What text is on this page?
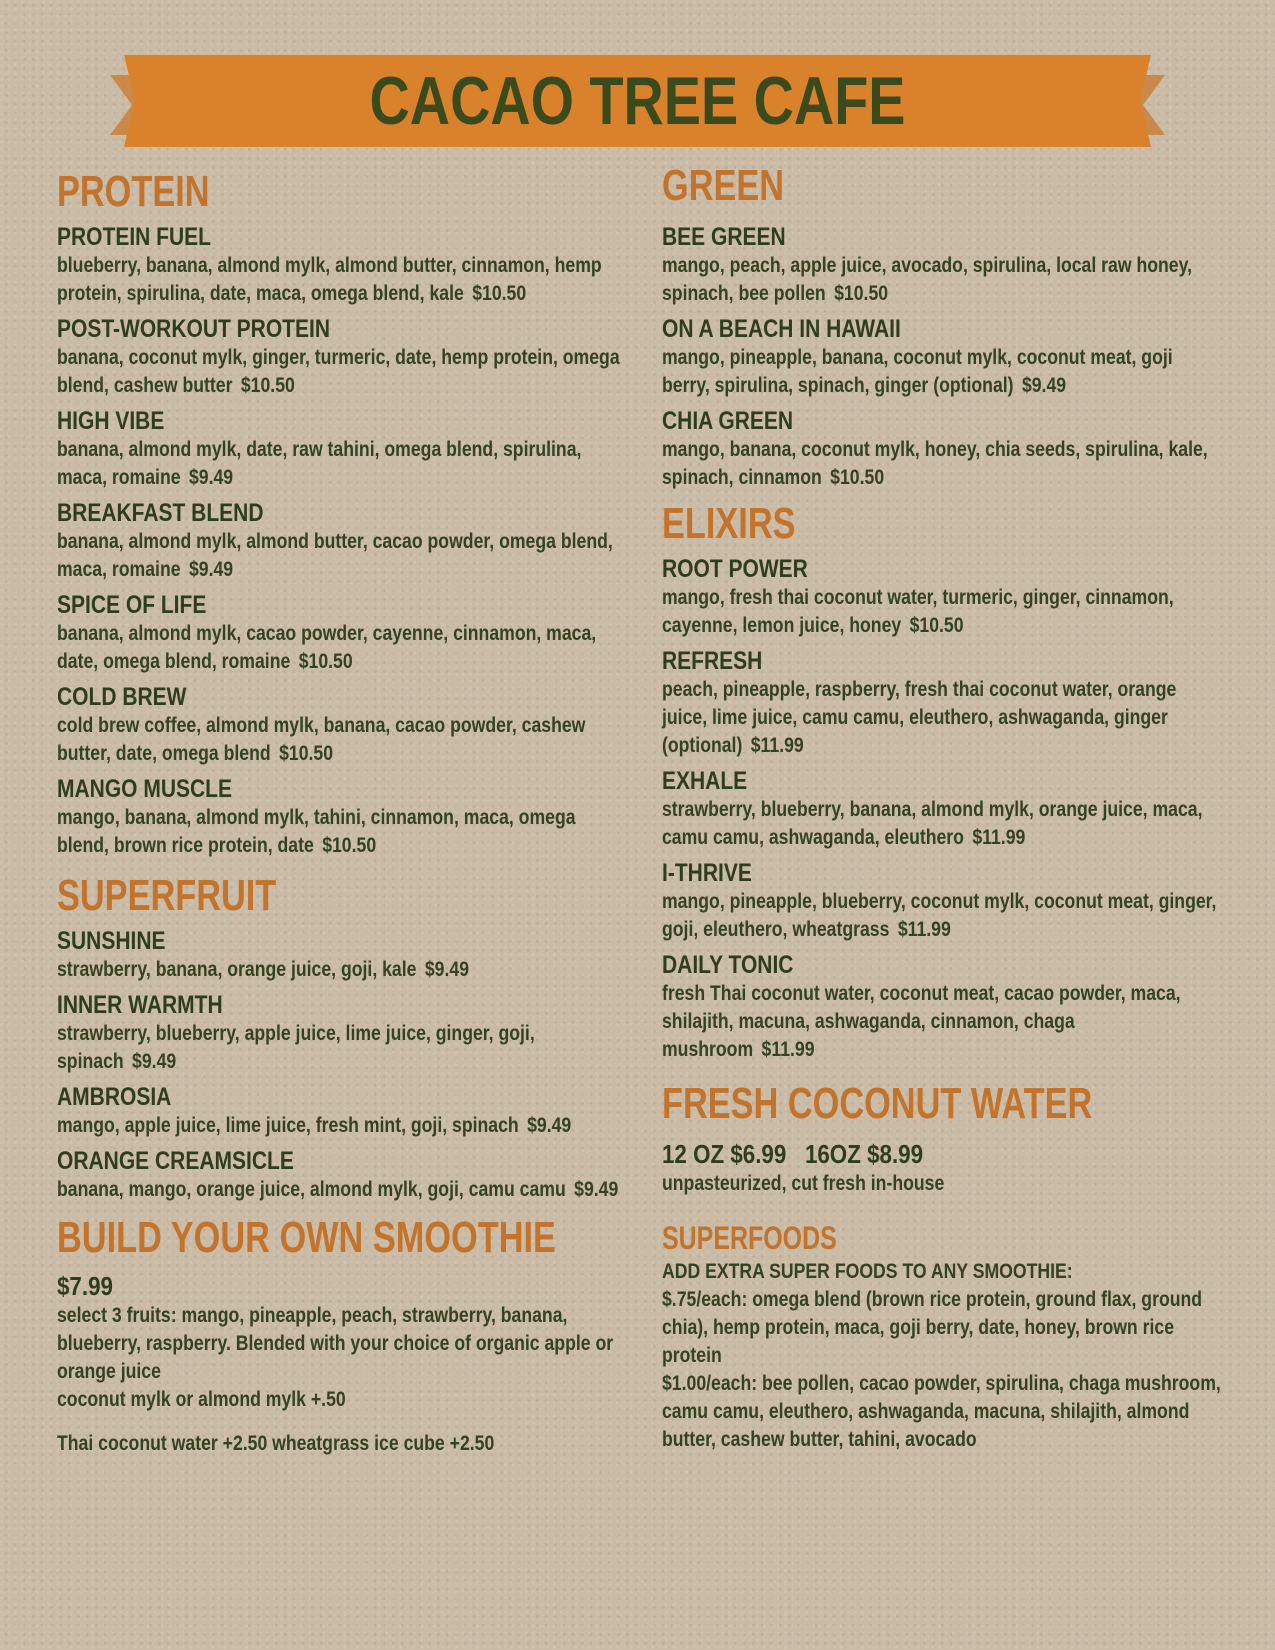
CACAO TREE CAFE
PROTEIN
PROTEIN FUEL
blueberry, banana, almond mylk, almond butter, cinnamon, hemp protein, spirulina, date, maca, omega blend, kale $10.50
POST-WORKOUT PROTEIN
banana, coconut mylk, ginger, turmeric, date, hemp protein, omega blend, cashew butter $10.50
HIGH VIBE
banana, almond mylk, date, raw tahini, omega blend, spirulina, maca, romaine $9.49
BREAKFAST BLEND
banana, almond mylk, almond butter, cacao powder, omega blend, maca, romaine $9.49
SPICE OF LIFE
banana, almond mylk, cacao powder, cayenne, cinnamon, maca, date, omega blend, romaine $10.50
COLD BREW
cold brew coffee, almond mylk, banana, cacao powder, cashew butter, date, omega blend $10.50
MANGO MUSCLE
mango, banana, almond mylk, tahini, cinnamon, maca, omega blend, brown rice protein, date $10.50
SUPERFRUIT
SUNSHINE
strawberry, banana, orange juice, goji, kale $9.49
INNER WARMTH
strawberry, blueberry, apple juice, lime juice, ginger, goji, spinach $9.49
AMBROSIA
mango, apple juice, lime juice, fresh mint, goji, spinach $9.49
ORANGE CREAMSICLE
banana, mango, orange juice, almond mylk, goji, camu camu $9.49
BUILD YOUR OWN SMOOTHIE
$7.99
select 3 fruits: mango, pineapple, peach, strawberry, banana, blueberry, raspberry. Blended with your choice of organic apple or orange juice
coconut mylk or almond mylk +.50
Thai coconut water +2.50 wheatgrass ice cube +2.50
GREEN
BEE GREEN
mango, peach, apple juice, avocado, spirulina, local raw honey, spinach, bee pollen $10.50
ON A BEACH IN HAWAII
mango, pineapple, banana, coconut mylk, coconut meat, goji berry, spirulina, spinach, ginger (optional) $9.49
CHIA GREEN
mango, banana, coconut mylk, honey, chia seeds, spirulina, kale, spinach, cinnamon $10.50
ELIXIRS
ROOT POWER
mango, fresh thai coconut water, turmeric, ginger, cinnamon, cayenne, lemon juice, honey $10.50
REFRESH
peach, pineapple, raspberry, fresh thai coconut water, orange juice, lime juice, camu camu, eleuthero, ashwaganda, ginger (optional) $11.99
EXHALE
strawberry, blueberry, banana, almond mylk, orange juice, maca, camu camu, ashwaganda, eleuthero $11.99
I-THRIVE
mango, pineapple, blueberry, coconut mylk, coconut meat, ginger, goji, eleuthero, wheatgrass $11.99
DAILY TONIC
fresh Thai coconut water, coconut meat, cacao powder, maca, shilajith, macuna, ashwaganda, cinnamon, chaga mushroom $11.99
FRESH COCONUT WATER
12 OZ $6.99   16OZ $8.99
unpasteurized, cut fresh in-house
SUPERFOODS
ADD EXTRA SUPER FOODS TO ANY SMOOTHIE:
$.75/each: omega blend (brown rice protein, ground flax, ground chia), hemp protein, maca, goji berry, date, honey, brown rice protein
$1.00/each: bee pollen, cacao powder, spirulina, chaga mushroom, camu camu, eleuthero, ashwaganda, macuna, shilajith, almond butter, cashew butter, tahini, avocado
